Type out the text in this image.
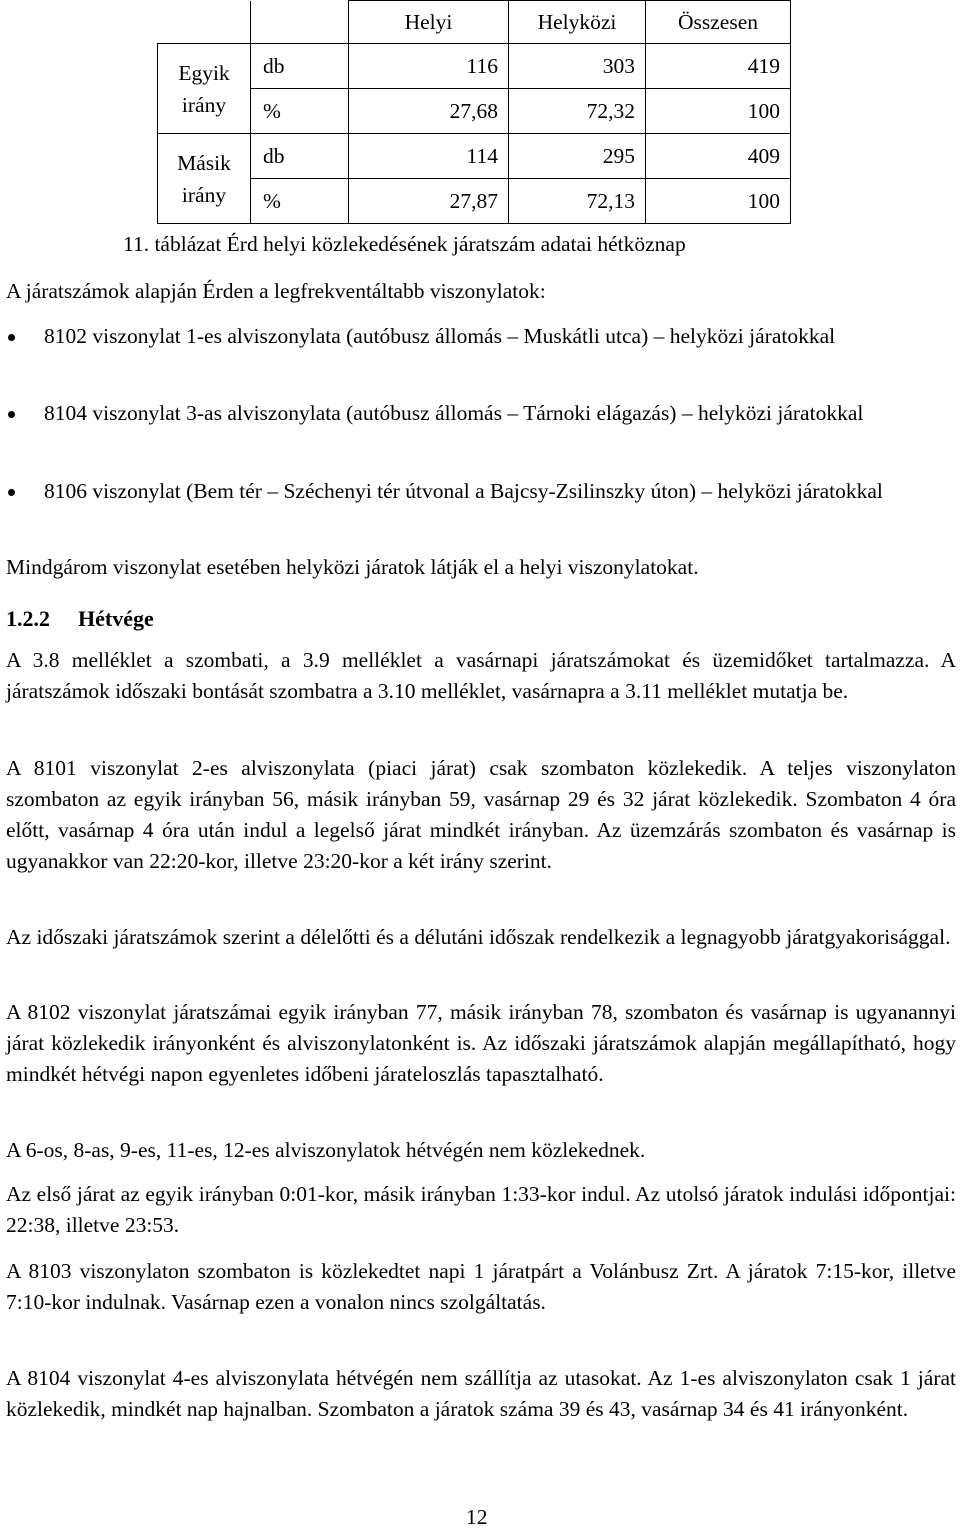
		Helyi	Helyközi	Összesen
Egyik irány	db	116	303	419
	%	27,68	72,32	100
Másik irány	db	114	295	409
	%	27,87	72,13	100
11. táblázat Érd helyi közlekedésének járatszám adatai hétköznap
A járatszámok alapján Érden a legfrekventáltabb viszonylatok:
8102 viszonylat 1-es alviszonylata (autóbusz állomás – Muskátli utca) – helyközi járatokkal
8104 viszonylat 3-as alviszonylata (autóbusz állomás – Tárnoki elágazás) – helyközi járatokkal
8106 viszonylat (Bem tér – Széchenyi tér útvonal a Bajcsy-Zsilinszky úton) – helyközi járatokkal
Mindgárom viszonylat esetében helyközi járatok látják el a helyi viszonylatokat.
1.2.2 Hétvége
A 3.8 melléklet a szombati, a 3.9 melléklet a vasárnapi járatszámokat és üzemidőket tartalmazza. A járatszámok időszaki bontását szombatra a 3.10 melléklet, vasárnapra a 3.11 melléklet mutatja be.
A 8101 viszonylat 2-es alviszonylata (piaci járat) csak szombaton közlekedik. A teljes viszonylaton szombaton az egyik irányban 56, másik irányban 59, vasárnap 29 és 32 járat közlekedik. Szombaton 4 óra előtt, vasárnap 4 óra után indul a legelső járat mindkét irányban. Az üzemzárás szombaton és vasárnap is ugyanakkor van 22:20-kor, illetve 23:20-kor a két irány szerint.
Az időszaki járatszámok szerint a délelőtti és a délutáni időszak rendelkezik a legnagyobb járatgyakorisággal.
A 8102 viszonylat járatszámai egyik irányban 77, másik irányban 78, szombaton és vasárnap is ugyanannyi járat közlekedik irányonként és alviszonylatonként is. Az időszaki járatszámok alapján megállapítható, hogy mindkét hétvégi napon egyenletes időbeni járateloszlás tapasztalható.
A 6-os, 8-as, 9-es, 11-es, 12-es alviszonylatok hétvégén nem közlekednek.
Az első járat az egyik irányban 0:01-kor, másik irányban 1:33-kor indul. Az utolsó járatok indulási időpontjai: 22:38, illetve 23:53.
A 8103 viszonylaton szombaton is közlekedtet napi 1 járatpárt a Volánbusz Zrt. A járatok 7:15-kor, illetve 7:10-kor indulnak. Vasárnap ezen a vonalon nincs szolgáltatás.
A 8104 viszonylat 4-es alviszonylata hétvégén nem szállítja az utasokat. Az 1-es alviszonylaton csak 1 járat közlekedik, mindkét nap hajnalban. Szombaton a járatok száma 39 és 43, vasárnap 34 és 41 irányonként.
12
